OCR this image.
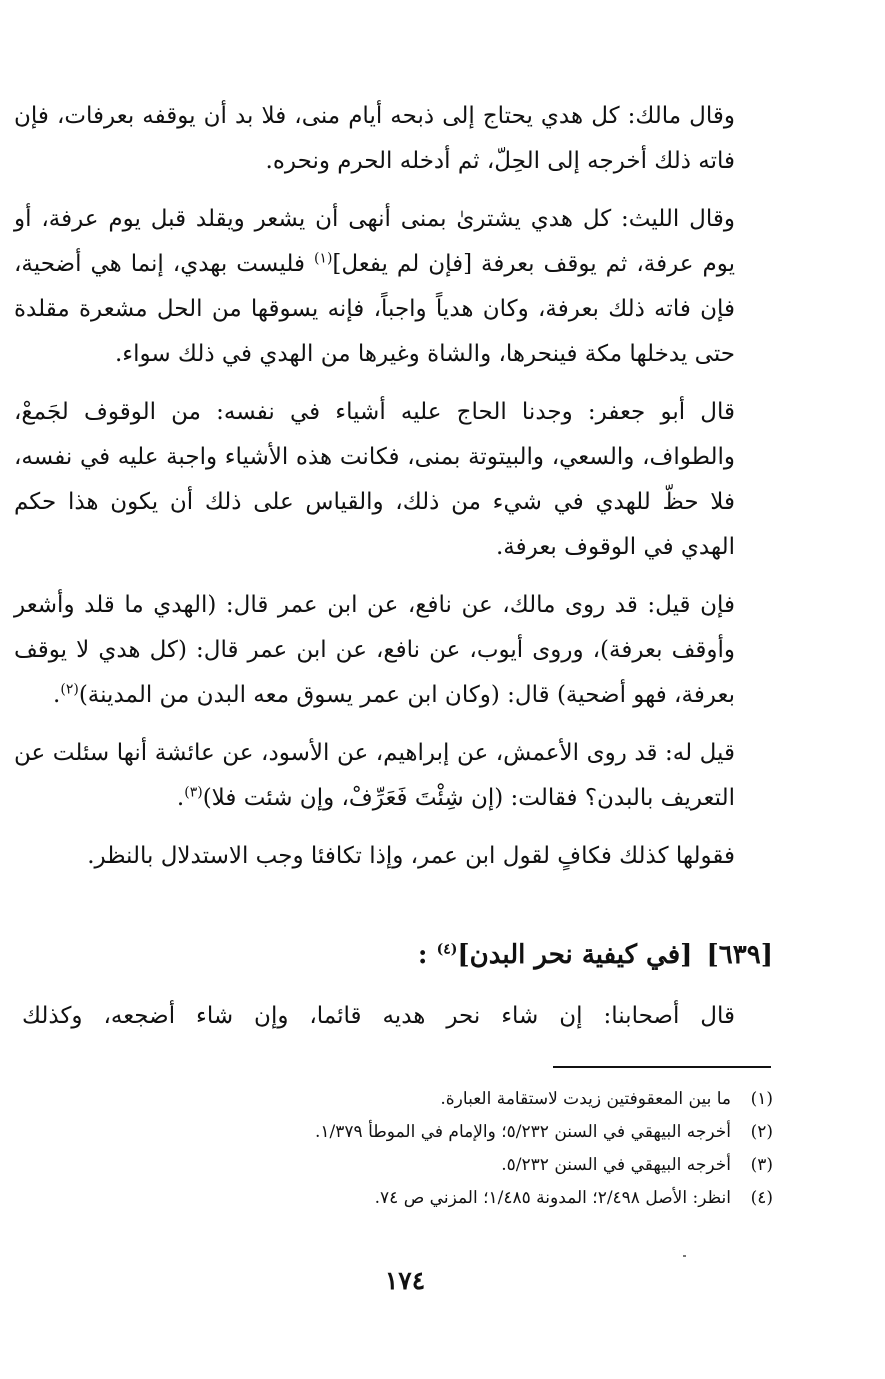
وقال مالك: كل هدي يحتاج إلى ذبحه أيام منى، فلا بد أن يوقفه بعرفات، فإن فاته ذلك أخرجه إلى الحِلّ، ثم أدخله الحرم ونحره.

وقال الليث: كل هدي يشترىٰ بمنى أنهى أن يشعر ويقلد قبل يوم عرفة، أو يوم عرفة، ثم يوقف بعرفة [فإن لم يفعل]$^{(١)}$ فليست بهدي، إنما هي أضحية، فإن فاته ذلك بعرفة، وكان هدياً واجباً، فإنه يسوقها من الحل مشعرة مقلدة حتى يدخلها مكة فينحرها، والشاة وغيرها من الهدي في ذلك سواء.

قال أبو جعفر: وجدنا الحاج عليه أشياء في نفسه: من الوقوف لجَمعْ، والطواف، والسعي، والبيتوتة بمنى، فكانت هذه الأشياء واجبة عليه في نفسه، فلا حظّ للهدي في شيء من ذلك، والقياس على ذلك أن يكون هذا حكم الهدي في الوقوف بعرفة.

فإن قيل: قد روى مالك، عن نافع، عن ابن عمر قال: (الهدي ما قلد وأشعر وأوقف بعرفة)، وروى أيوب، عن نافع، عن ابن عمر قال: (كل هدي لا يوقف بعرفة، فهو أضحية) قال: (وكان ابن عمر يسوق معه البدن من المدينة)$^{(٢)}$.

قيل له: قد روى الأعمش، عن إبراهيم، عن الأسود، عن عائشة أنها سئلت عن التعريف بالبدن؟ فقالت: (إن شِئْتَ فَعَرِّفْ، وإن شئت فلا)$^{(٣)}$.

فقولها كذلك فكافٍ لقول ابن عمر، وإذا تكافئا وجب الاستدلال بالنظر.

[٦٣٩][في كيفية نحر البدن]$^{(٤)}$ :
قال أصحابنا: إن شاء نحر هديه قائما، وإن شاء أضجعه، وكذلك
(١)ما بين المعقوفتين زيدت لاستقامة العبارة.
(٢)أخرجه البيهقي في السنن ٥/٢٣٢؛ والإمام في الموطأ ١/٣٧٩.
(٣)أخرجه البيهقي في السنن ٥/٢٣٢.
(٤)انظر: الأصل ٢/٤٩٨؛ المدونة ١/٤٨٥؛ المزني ص ٧٤.
١٧٤
